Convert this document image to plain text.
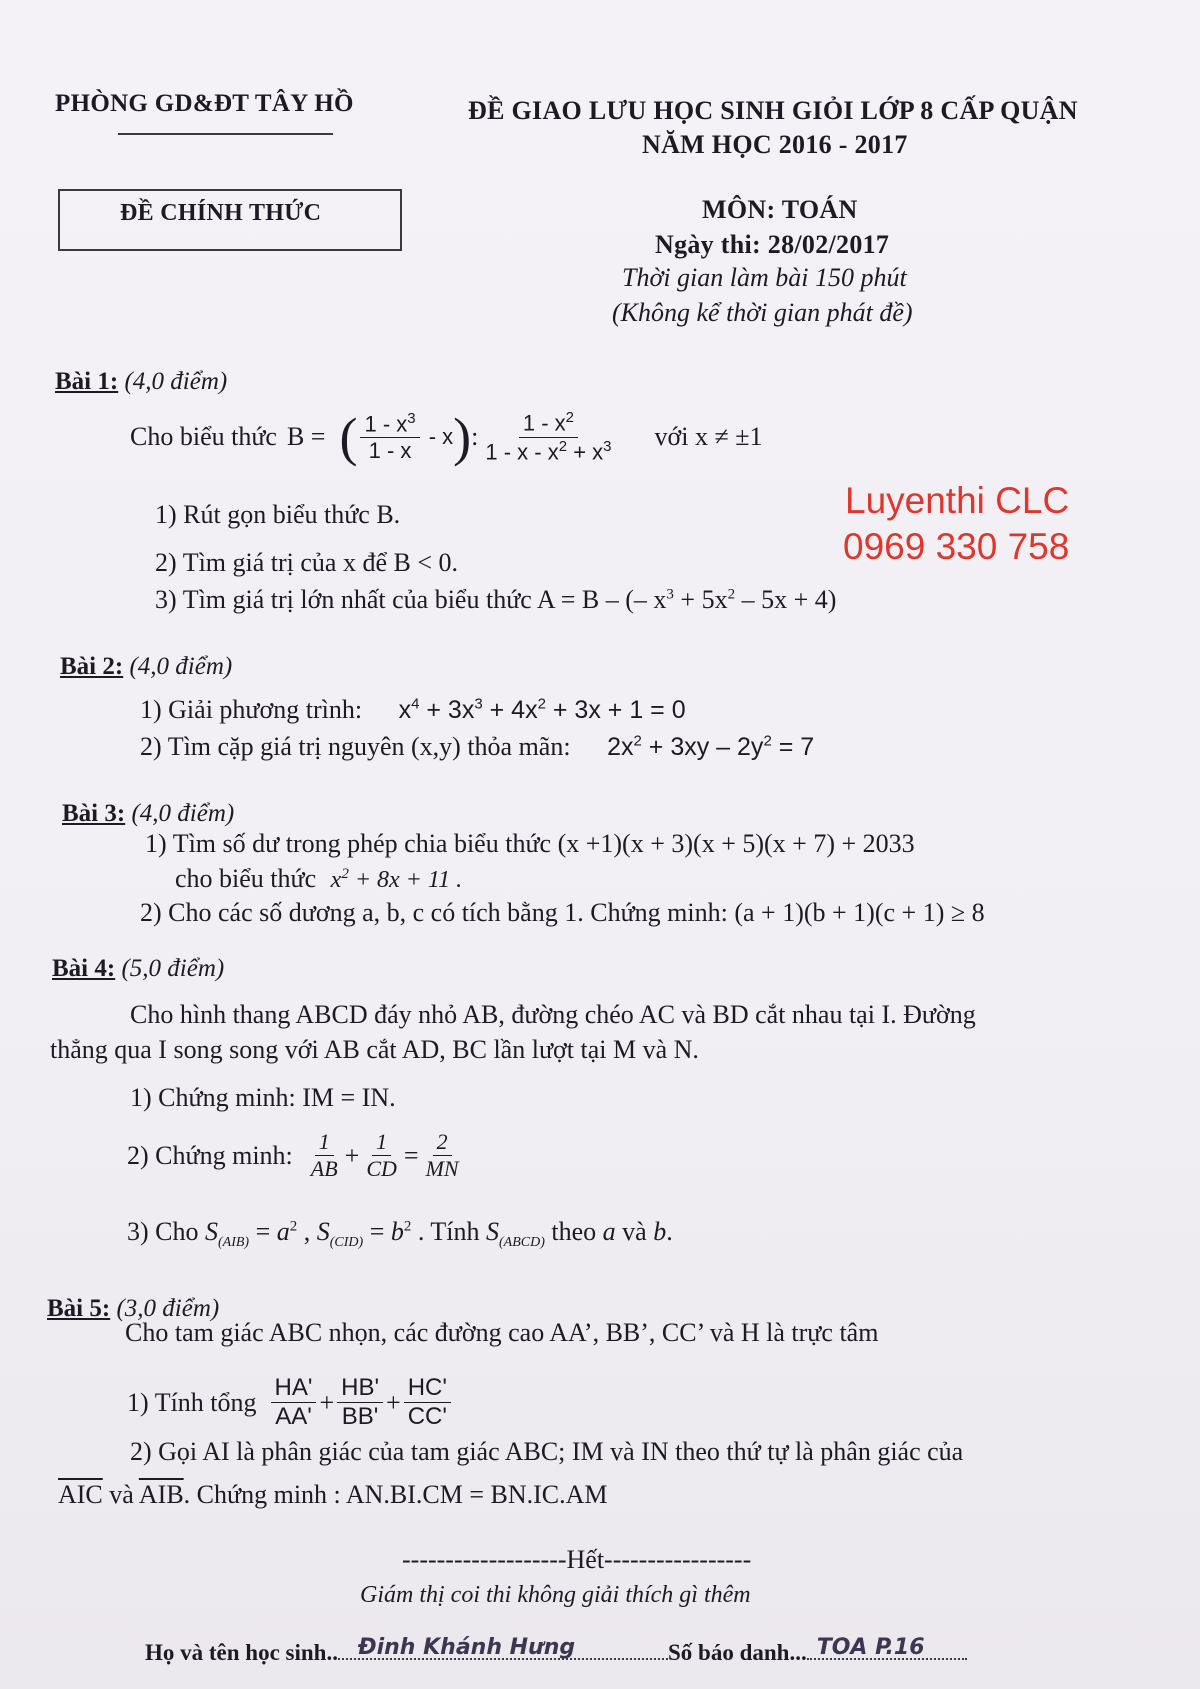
PHÒNG GD&ĐT TÂY HỒ	ĐỀ GIAO LƯU HỌC SINH GIỎI LỚP 8 CẤP QUẬN
NĂM HỌC 2016 - 2017
ĐỀ CHÍNH THỨC	MÔN: TOÁN
Ngày thi: 28/02/2017
Thời gian làm bài 150 phút
(Không kể thời gian phát đề)
Bài 1: (4,0 điểm)
Cho biểu thức B = ( $\frac{1 - x^3}{1 - x}$ - x ) : $\frac{1 - x^2}{1 - x - x^2 + x^3}$ với x ≠ ±1
1) Rút gọn biểu thức B.
2) Tìm giá trị của x để B < 0.
3) Tìm giá trị lớn nhất của biểu thức A = B – (– $x^3 + 5x^2 - 5x + 4$)
Luyenthi CLC
0969 330 758
Bài 2: (4,0 điểm)
1) Giải phương trình: $x^4 + 3x^3 + 4x^2 + 3x + 1 = 0$
2) Tìm cặp giá trị nguyên (x,y) thỏa mãn: $2x^2 + 3xy - 2y^2 = 7$
Bài 3: (4,0 điểm)
1) Tìm số dư trong phép chia biểu thức (x +1)(x + 3)(x + 5)(x + 7) + 2033
cho biểu thức $x^2 + 8x + 11$ .
2) Cho các số dương a, b, c có tích bằng 1. Chứng minh: (a + 1)(b + 1)(c + 1) ≥ 8
Bài 4: (5,0 điểm)
Cho hình thang ABCD đáy nhỏ AB, đường chéo AC và BD cắt nhau tại I. Đường
thẳng qua I song song với AB cắt AD, BC lần lượt tại M và N.
1) Chứng minh: IM = IN.
2) Chứng minh: $\frac{1}{AB} + \frac{1}{CD} = \frac{2}{MN}$
3) Cho $S_{(AIB)} = a^2$ , $S_{(CID)} = b^2$ . Tính $S_{(ABCD)}$ theo a và b.
Bài 5: (3,0 điểm)
Cho tam giác ABC nhọn, các đường cao AA’, BB’, CC’ và H là trực tâm
1) Tính tổng $\frac{HA'}{AA'} + \frac{HB'}{BB'} + \frac{HC'}{CC'}$
2) Gọi AI là phân giác của tam giác ABC; IM và IN theo thứ tự là phân giác của
$\overline{AIC}$ và $\overline{AIB}$. Chứng minh : AN.BI.CM = BN.IC.AM
-------------------Hết-----------------
Giám thị coi thi không giải thích gì thêm
Họ và tên học sinh.. Đinh Khánh Hưng	Số báo danh... TOA P.16
